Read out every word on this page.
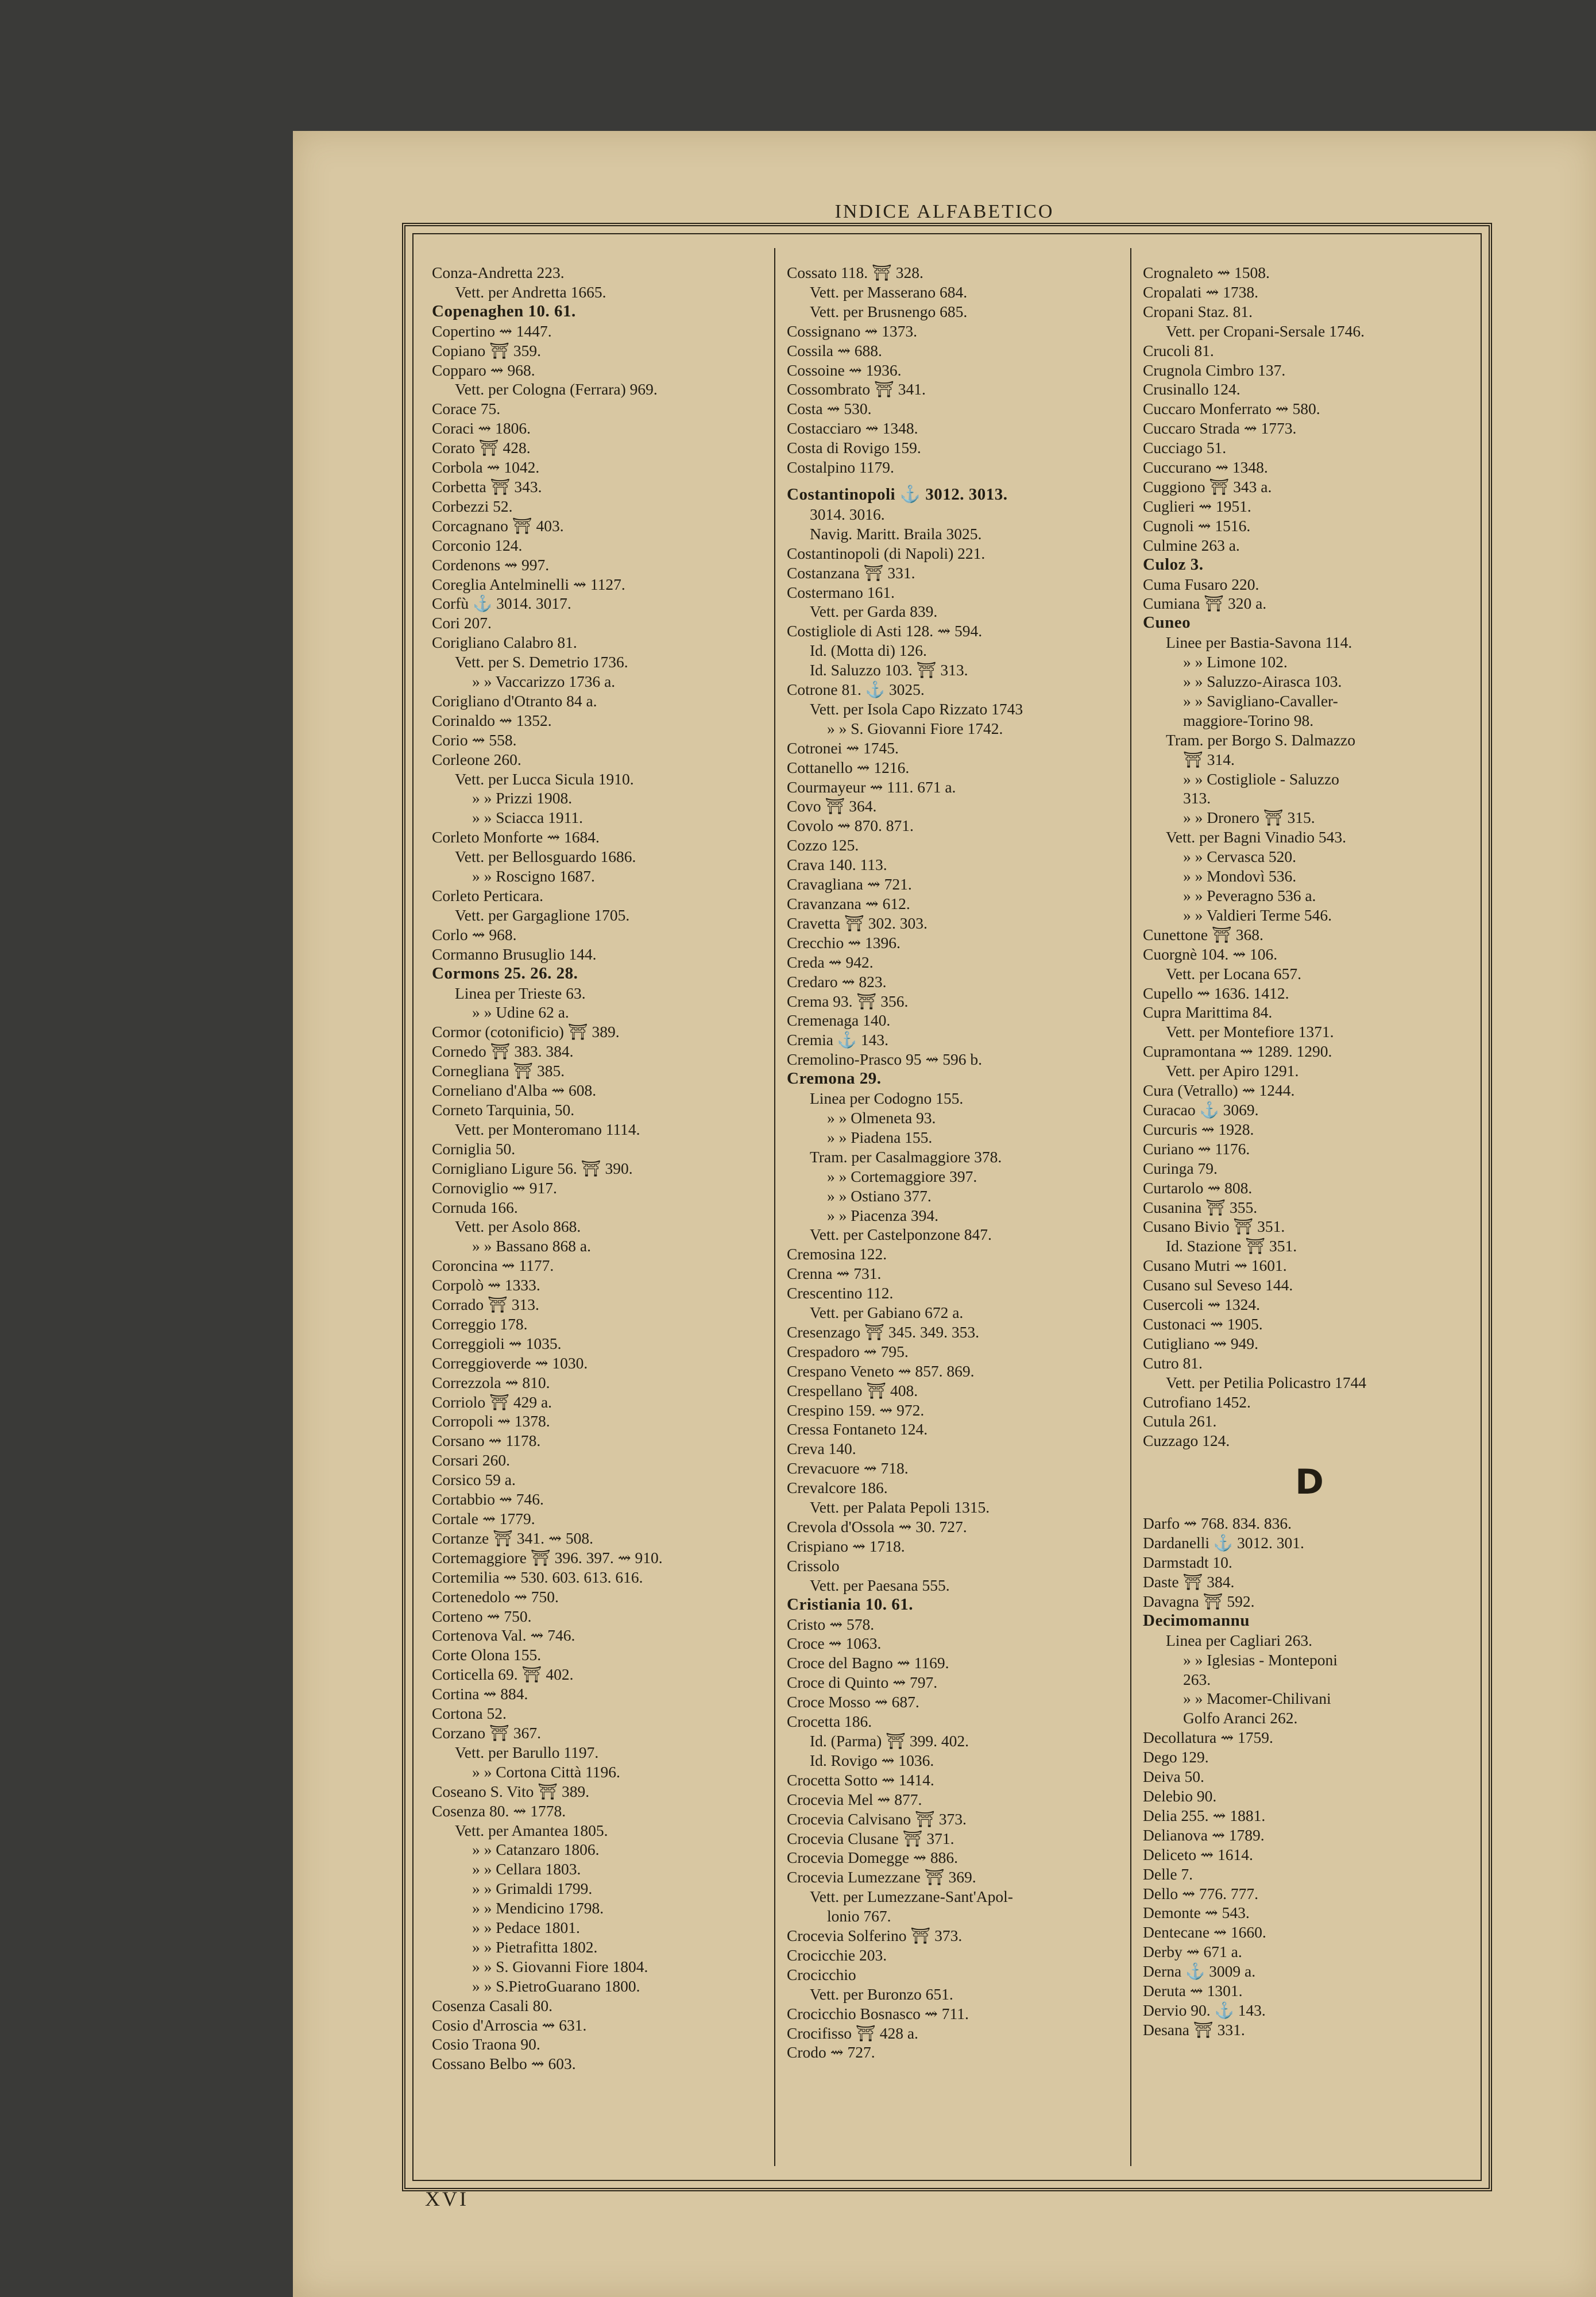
INDICE ALFABETICO
Conza-Andretta 223.
Vett. per Andretta 1665.
Copenaghen 10. 61.
Copertino ⇝ 1447.
Copiano ⛩ 359.
Copparo ⇝ 968.
Vett. per Cologna (Ferrara) 969.
Corace 75.
Coraci ⇝ 1806.
Corato ⛩ 428.
Corbola ⇝ 1042.
Corbetta ⛩ 343.
Corbezzi 52.
Corcagnano ⛩ 403.
Corconio 124.
Cordenons ⇝ 997.
Coreglia Antelminelli ⇝ 1127.
Corfù ⚓ 3014. 3017.
Cori 207.
Corigliano Calabro 81.
Vett. per S. Demetrio 1736.
» » Vaccarizzo 1736 a.
Corigliano d'Otranto 84 a.
Corinaldo ⇝ 1352.
Corio ⇝ 558.
Corleone 260.
Vett. per Lucca Sicula 1910.
» » Prizzi 1908.
» » Sciacca 1911.
Corleto Monforte ⇝ 1684.
Vett. per Bellosguardo 1686.
» » Roscigno 1687.
Corleto Perticara.
Vett. per Gargaglione 1705.
Corlo ⇝ 968.
Cormanno Brusuglio 144.
Cormons 25. 26. 28.
Linea per Trieste 63.
» » Udine 62 a.
Cormor (cotonificio) ⛩ 389.
Cornedo ⛩ 383. 384.
Cornegliana ⛩ 385.
Corneliano d'Alba ⇝ 608.
Corneto Tarquinia, 50.
Vett. per Monteromano 1114.
Corniglia 50.
Cornigliano Ligure 56. ⛩ 390.
Cornoviglio ⇝ 917.
Cornuda 166.
Vett. per Asolo 868.
» » Bassano 868 a.
Coroncina ⇝ 1177.
Corpolò ⇝ 1333.
Corrado ⛩ 313.
Correggio 178.
Correggioli ⇝ 1035.
Correggioverde ⇝ 1030.
Correzzola ⇝ 810.
Corriolo ⛩ 429 a.
Corropoli ⇝ 1378.
Corsano ⇝ 1178.
Corsari 260.
Corsico 59 a.
Cortabbio ⇝ 746.
Cortale ⇝ 1779.
Cortanze ⛩ 341. ⇝ 508.
Cortemaggiore ⛩ 396. 397. ⇝ 910.
Cortemilia ⇝ 530. 603. 613. 616.
Cortenedolo ⇝ 750.
Corteno ⇝ 750.
Cortenova Val. ⇝ 746.
Corte Olona 155.
Corticella 69. ⛩ 402.
Cortina ⇝ 884.
Cortona 52.
Corzano ⛩ 367.
Vett. per Barullo 1197.
» » Cortona Città 1196.
Coseano S. Vito ⛩ 389.
Cosenza 80. ⇝ 1778.
Vett. per Amantea 1805.
» » Catanzaro 1806.
» » Cellara 1803.
» » Grimaldi 1799.
» » Mendicino 1798.
» » Pedace 1801.
» » Pietrafitta 1802.
» » S. Giovanni Fiore 1804.
» » S.PietroGuarano 1800.
Cosenza Casali 80.
Cosio d'Arroscia ⇝ 631.
Cosio Traona 90.
Cossano Belbo ⇝ 603.
Cossato 118. ⛩ 328.
Vett. per Masserano 684.
Vett. per Brusnengo 685.
Cossignano ⇝ 1373.
Cossila ⇝ 688.
Cossoine ⇝ 1936.
Cossombrato ⛩ 341.
Costa ⇝ 530.
Costacciaro ⇝ 1348.
Costa di Rovigo 159.
Costalpino 1179.
Costantinopoli ⚓ 3012. 3013.
3014. 3016.
Navig. Maritt. Braila 3025.
Costantinopoli (di Napoli) 221.
Costanzana ⛩ 331.
Costermano 161.
Vett. per Garda 839.
Costigliole di Asti 128. ⇝ 594.
Id. (Motta di) 126.
Id. Saluzzo 103. ⛩ 313.
Cotrone 81. ⚓ 3025.
Vett. per Isola Capo Rizzato 1743
» » S. Giovanni Fiore 1742.
Cotronei ⇝ 1745.
Cottanello ⇝ 1216.
Courmayeur ⇝ 111. 671 a.
Covo ⛩ 364.
Covolo ⇝ 870. 871.
Cozzo 125.
Crava 140. 113.
Cravagliana ⇝ 721.
Cravanzana ⇝ 612.
Cravetta ⛩ 302. 303.
Crecchio ⇝ 1396.
Creda ⇝ 942.
Credaro ⇝ 823.
Crema 93. ⛩ 356.
Cremenaga 140.
Cremia ⚓ 143.
Cremolino-Prasco 95 ⇝ 596 b.
Cremona 29.
Linea per Codogno 155.
» » Olmeneta 93.
» » Piadena 155.
Tram. per Casalmaggiore 378.
» » Cortemaggiore 397.
» » Ostiano 377.
» » Piacenza 394.
Vett. per Castelponzone 847.
Cremosina 122.
Crenna ⇝ 731.
Crescentino 112.
Vett. per Gabiano 672 a.
Cresenzago ⛩ 345. 349. 353.
Crespadoro ⇝ 795.
Crespano Veneto ⇝ 857. 869.
Crespellano ⛩ 408.
Crespino 159. ⇝ 972.
Cressa Fontaneto 124.
Creva 140.
Crevacuore ⇝ 718.
Crevalcore 186.
Vett. per Palata Pepoli 1315.
Crevola d'Ossola ⇝ 30. 727.
Crispiano ⇝ 1718.
Crissolo
Vett. per Paesana 555.
Cristiania 10. 61.
Cristo ⇝ 578.
Croce ⇝ 1063.
Croce del Bagno ⇝ 1169.
Croce di Quinto ⇝ 797.
Croce Mosso ⇝ 687.
Crocetta 186.
Id. (Parma) ⛩ 399. 402.
Id. Rovigo ⇝ 1036.
Crocetta Sotto ⇝ 1414.
Crocevia Mel ⇝ 877.
Crocevia Calvisano ⛩ 373.
Crocevia Clusane ⛩ 371.
Crocevia Domegge ⇝ 886.
Crocevia Lumezzane ⛩ 369.
Vett. per Lumezzane-Sant'Apol-
lonio 767.
Crocevia Solferino ⛩ 373.
Crocicchie 203.
Crocicchio
Vett. per Buronzo 651.
Crocicchio Bosnasco ⇝ 711.
Crocifisso ⛩ 428 a.
Crodo ⇝ 727.
Crognaleto ⇝ 1508.
Cropalati ⇝ 1738.
Cropani Staz. 81.
Vett. per Cropani-Sersale 1746.
Crucoli 81.
Crugnola Cimbro 137.
Crusinallo 124.
Cuccaro Monferrato ⇝ 580.
Cuccaro Strada ⇝ 1773.
Cucciago 51.
Cuccurano ⇝ 1348.
Cuggiono ⛩ 343 a.
Cuglieri ⇝ 1951.
Cugnoli ⇝ 1516.
Culmine 263 a.
Culoz 3.
Cuma Fusaro 220.
Cumiana ⛩ 320 a.
Cuneo
Linee per Bastia-Savona 114.
» » Limone 102.
» » Saluzzo-Airasca 103.
» » Savigliano-Cavaller-
maggiore-Torino 98.
Tram. per Borgo S. Dalmazzo
⛩ 314.
» » Costigliole - Saluzzo
313.
» » Dronero ⛩ 315.
Vett. per Bagni Vinadio 543.
» » Cervasca 520.
» » Mondovì 536.
» » Peveragno 536 a.
» » Valdieri Terme 546.
Cunettone ⛩ 368.
Cuorgnè 104. ⇝ 106.
Vett. per Locana 657.
Cupello ⇝ 1636. 1412.
Cupra Marittima 84.
Vett. per Montefiore 1371.
Cupramontana ⇝ 1289. 1290.
Vett. per Apiro 1291.
Cura (Vetrallo) ⇝ 1244.
Curacao ⚓ 3069.
Curcuris ⇝ 1928.
Curiano ⇝ 1176.
Curinga 79.
Curtarolo ⇝ 808.
Cusanina ⛩ 355.
Cusano Bivio ⛩ 351.
Id. Stazione ⛩ 351.
Cusano Mutri ⇝ 1601.
Cusano sul Seveso 144.
Cusercoli ⇝ 1324.
Custonaci ⇝ 1905.
Cutigliano ⇝ 949.
Cutro 81.
Vett. per Petilia Policastro 1744
Cutrofiano 1452.
Cutula 261.
Cuzzago 124.
D
Darfo ⇝ 768. 834. 836.
Dardanelli ⚓ 3012. 301.
Darmstadt 10.
Daste ⛩ 384.
Davagna ⛩ 592.
Decimomannu
Linea per Cagliari 263.
» » Iglesias - Monteponi
263.
» » Macomer-Chilivani
Golfo Aranci 262.
Decollatura ⇝ 1759.
Dego 129.
Deiva 50.
Delebio 90.
Delia 255. ⇝ 1881.
Delianova ⇝ 1789.
Deliceto ⇝ 1614.
Delle 7.
Dello ⇝ 776. 777.
Demonte ⇝ 543.
Dentecane ⇝ 1660.
Derby ⇝ 671 a.
Derna ⚓ 3009 a.
Deruta ⇝ 1301.
Dervio 90. ⚓ 143.
Desana ⛩ 331.
XVI
